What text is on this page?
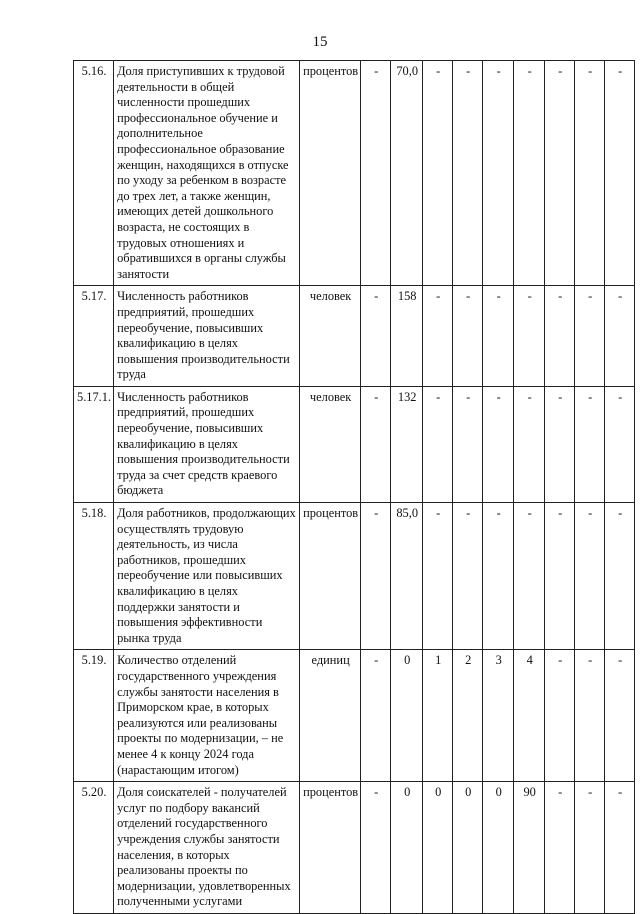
15
5.16.	Доля приступивших к трудовой деятельности в общей численности прошедших профессиональное обучение и дополнительное профессиональное образование женщин, находящихся в отпуске по уходу за ребенком в возрасте до трех лет, а также женщин, имеющих детей дошкольного возраста, не состоящих в трудовых отношениях и обратившихся в органы службы занятости	процентов	-	70,0	-	-	-	-	-	-	-
5.17.	Численность работников предприятий, прошедших переобучение, повысивших квалификацию в целях повышения производительности труда	человек	-	158	-	-	-	-	-	-	-
5.17.1.	Численность работников предприятий, прошедших переобучение, повысивших квалификацию в целях повышения производительности труда за счет средств краевого бюджета	человек	-	132	-	-	-	-	-	-	-
5.18.	Доля работников, продолжающих осуществлять трудовую деятельность, из числа работников, прошедших переобучение или повысивших квалификацию в целях поддержки занятости и повышения эффективности рынка труда	процентов	-	85,0	-	-	-	-	-	-	-
5.19.	Количество отделений государственного учреждения службы занятости населения в Приморском крае, в которых реализуются или реализованы проекты по модернизации, – не менее 4 к концу 2024 года (нарастающим итогом)	единиц	-	0	1	2	3	4	-	-	-
5.20.	Доля соискателей - получателей услуг по подбору вакансий отделений государственного учреждения службы занятости населения, в которых реализованы проекты по модернизации, удовлетворенных полученными услугами	процентов	-	0	0	0	0	90	-	-	-
